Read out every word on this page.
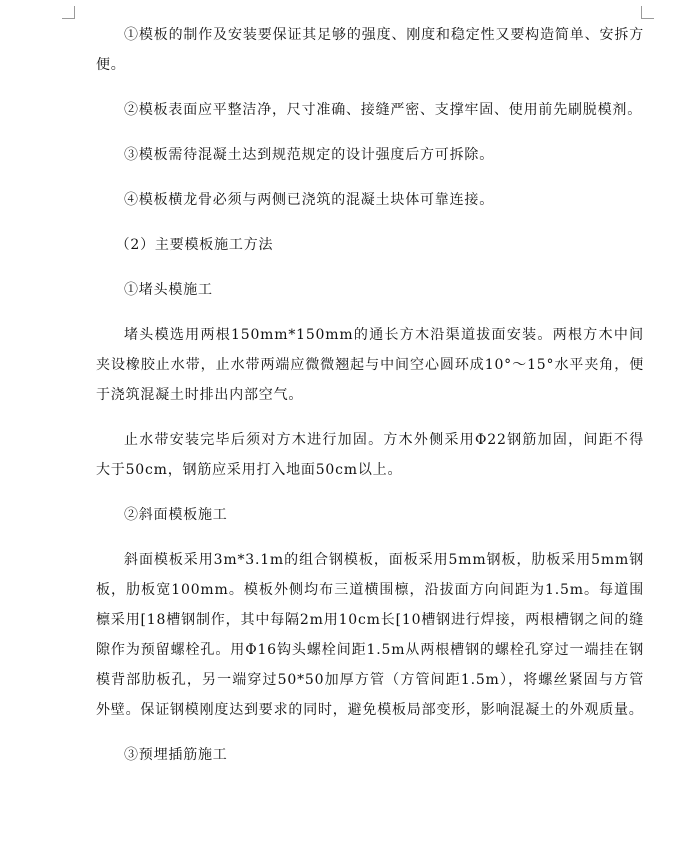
①模板的制作及安装要保证其足够的强度、刚度和稳定性又要构造简单、安拆方便。

②模板表面应平整洁净，尺寸准确、接缝严密、支撑牢固、使用前先刷脱模剂。

③模板需待混凝土达到规范规定的设计强度后方可拆除。

④模板横龙骨必须与两侧已浇筑的混凝土块体可靠连接。

（2）主要模板施工方法

①堵头模施工

堵头模选用两根150mm*150mm的通长方木沿渠道拔面安装。两根方木中间夹设橡胶止水带，止水带两端应微微翘起与中间空心圆环成10°～15°水平夹角，便于浇筑混凝土时排出内部空气。

止水带安装完毕后须对方木进行加固。方木外侧采用Φ22钢筋加固，间距不得大于50cm，钢筋应采用打入地面50cm以上。

②斜面模板施工

斜面模板采用3m*3.1m的组合钢模板，面板采用5mm钢板，肋板采用5mm钢板，肋板宽100mm。模板外侧均布三道横围檩，沿拔面方向间距为1.5m。每道围檩采用[18槽钢制作，其中每隔2m用10cm长[10槽钢进行焊接，两根槽钢之间的缝隙作为预留螺栓孔。用Φ16钩头螺栓间距1.5m从两根槽钢的螺栓孔穿过一端挂在钢模背部肋板孔，另一端穿过50*50加厚方管（方管间距1.5m），将螺丝紧固与方管外壁。保证钢模刚度达到要求的同时，避免模板局部变形，影响混凝土的外观质量。

③预埋插筋施工
